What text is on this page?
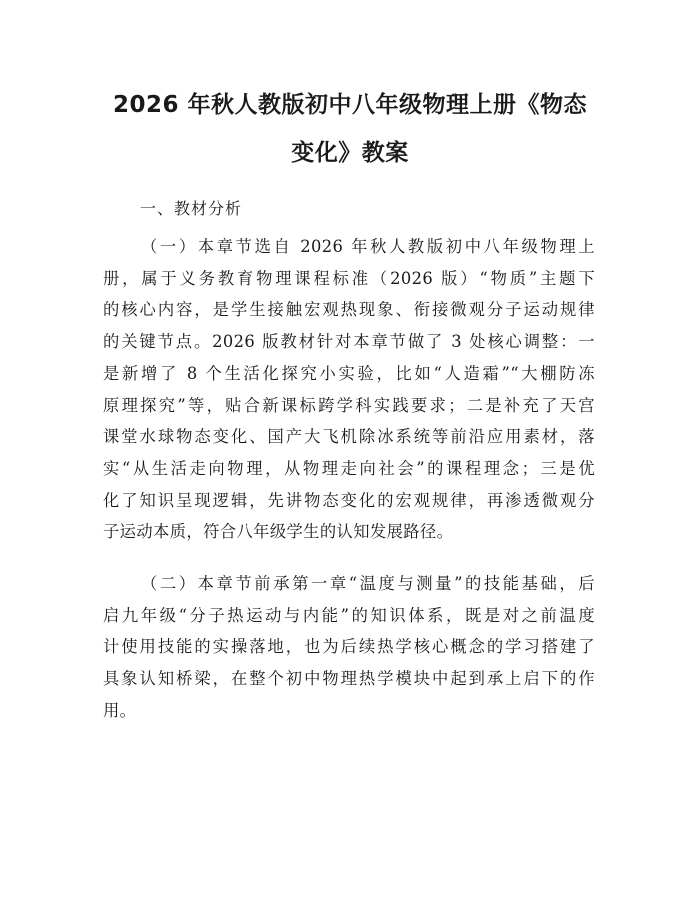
2026 年秋人教版初中八年级物理上册《物态
变化》教案
一、教材分析
（一）本章节选自 2026 年秋人教版初中八年级物理上
册，属于义务教育物理课程标准（2026 版）“物质”主题下
的核心内容，是学生接触宏观热现象、衔接微观分子运动规律
的关键节点。2026 版教材针对本章节做了 3 处核心调整：一
是新增了 8 个生活化探究小实验，比如“人造霜”“大棚防冻
原理探究”等，贴合新课标跨学科实践要求；二是补充了天宫
课堂水球物态变化、国产大飞机除冰系统等前沿应用素材，落
实“从生活走向物理，从物理走向社会”的课程理念；三是优
化了知识呈现逻辑，先讲物态变化的宏观规律，再渗透微观分
子运动本质，符合八年级学生的认知发展路径。
（二）本章节前承第一章“温度与测量”的技能基础，后
启九年级“分子热运动与内能”的知识体系，既是对之前温度
计使用技能的实操落地，也为后续热学核心概念的学习搭建了
具象认知桥梁，在整个初中物理热学模块中起到承上启下的作
用。
